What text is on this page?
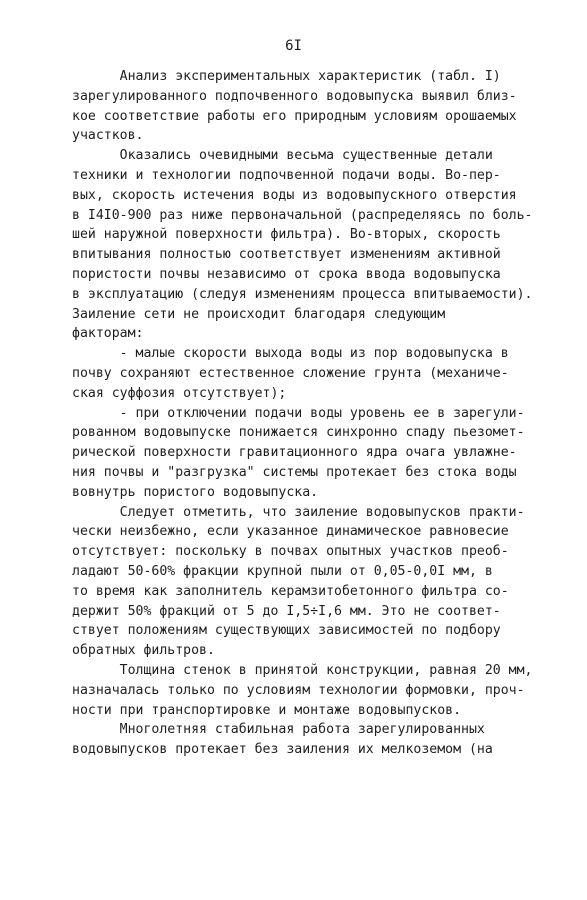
6I
Анализ экспериментальных характеристик (табл. I)
зарегулированного подпочвенного водовыпуска выявил близ-
кое соответствие работы его природным условиям орошаемых
участков.
Оказались очевидными весьма существенные детали
техники и технологии подпочвенной подачи воды. Во-пер-
вых, скорость истечения воды из водовыпускного отверстия
в I4I0-900 раз ниже первоначальной (распределяясь по боль-
шей наружной поверхности фильтра). Во-вторых, скорость
впитывания полностью соответствует изменениям активной
пористости почвы независимо от срока ввода водовыпуска
в эксплуатацию (следуя изменениям процесса впитываемости).
Заиление сети не происходит благодаря следующим
факторам:
- малые скорости выхода воды из пор водовыпуска в
почву сохраняют естественное сложение грунта (механиче-
ская суффозия отсутствует);
- при отключении подачи воды уровень ее в зарегули-
рованном водовыпуске понижается синхронно спаду пьезомет-
рической поверхности гравитационного ядра очага увлажне-
ния почвы и "разгрузка" системы протекает без стока воды
вовнутрь пористого водовыпуска.
Следует отметить, что заиление водовыпусков практи-
чески неизбежно, если указанное динамическое равновесие
отсутствует: поскольку в почвах опытных участков преоб-
ладают 50-60% фракции крупной пыли от 0,05-0,0I мм, в
то время как заполнитель керамзитобетонного фильтра со-
держит 50% фракций от 5 до I,5÷I,6 мм. Это не соответ-
ствует положениям существующих зависимостей по подбору
обратных фильтров.
Толщина стенок в принятой конструкции, равная 20 мм,
назначалась только по условиям технологии формовки, проч-
ности при транспортировке и монтаже водовыпусков.
Многолетняя стабильная работа зарегулированных
водовыпусков протекает без заиления их мелкоземом (на
